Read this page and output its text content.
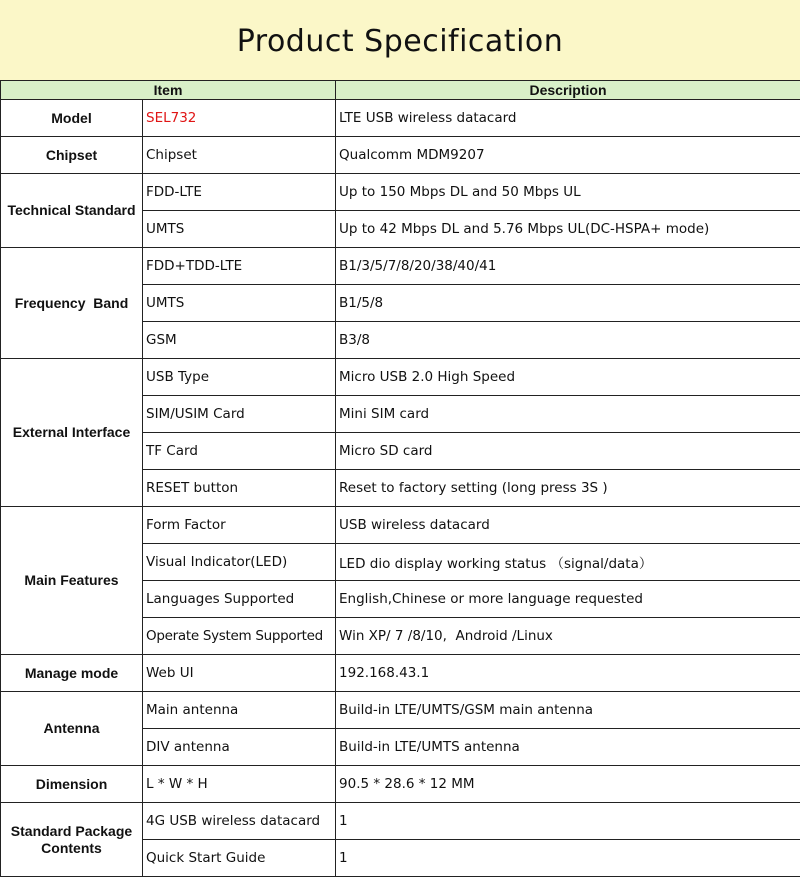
Product Specification
Item		Description
Model	SEL732	LTE USB wireless datacard
Chipset	Chipset	Qualcomm MDM9207
Technical Standard	FDD-LTE	Up to 150 Mbps DL and 50 Mbps UL
	UMTS	Up to 42 Mbps DL and 5.76 Mbps UL(DC-HSPA+ mode)
Frequency  Band	FDD+TDD-LTE	B1/3/5/7/8/20/38/40/41
	UMTS	B1/5/8
	GSM	B3/8
External Interface	USB Type	Micro USB 2.0 High Speed
	SIM/USIM Card	Mini SIM card
	TF Card	Micro SD card
	RESET button	Reset to factory setting (long press 3S )
Main Features	Form Factor	USB wireless datacard
	Visual Indicator(LED)	LED dio display working status （signal/data）
	Languages Supported	English,Chinese or more language requested
	Operate System Supported	Win XP/ 7 /8/10,  Android /Linux
Manage mode	Web UI	192.168.43.1
Antenna	Main antenna	Build-in LTE/UMTS/GSM main antenna
	DIV antenna	Build-in LTE/UMTS antenna
Dimension	L * W * H	90.5 * 28.6 * 12 MM
Standard Package Contents	4G USB wireless datacard	1
	Quick Start Guide	1
